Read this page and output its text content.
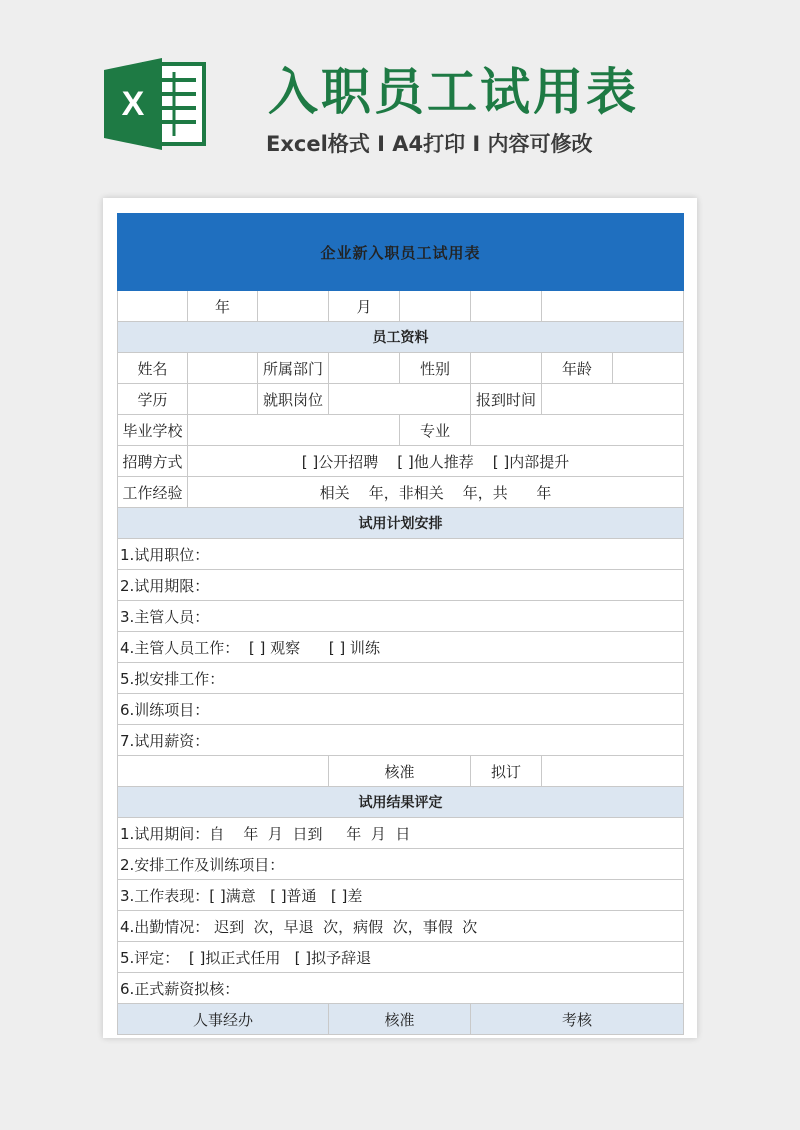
X 入职员工试用表
Excel格式 I A4打印 I 内容可修改
企业新入职员工试用表							
	年		月				
员工资料							
姓名		所属部门		性别		年龄	
学历		就职岗位			报到时间		
毕业学校				专业			
招聘方式	[ ]公开招聘    [ ]他人推荐    [ ]内部提升						
工作经验	相关    年，非相关    年，共      年						
试用计划安排							
1.试用职位：							
2.试用期限：							
3.主管人员：							
4.主管人员工作：  [ ] 观察      [ ] 训练							
5.拟安排工作：							
6.训练项目：							
7.试用薪资：							
			核准		拟订		
试用结果评定							
1.试用期间：自    年  月  日到     年  月  日							
2.安排工作及训练项目：							
3.工作表现：[ ]满意   [ ]普通   [ ]差							
4.出勤情况： 迟到  次，早退  次，病假  次，事假  次							
5.评定：  [ ]拟正式任用   [ ]拟予辞退							
6.正式薪资拟核：							
人事经办			核准		考核		
